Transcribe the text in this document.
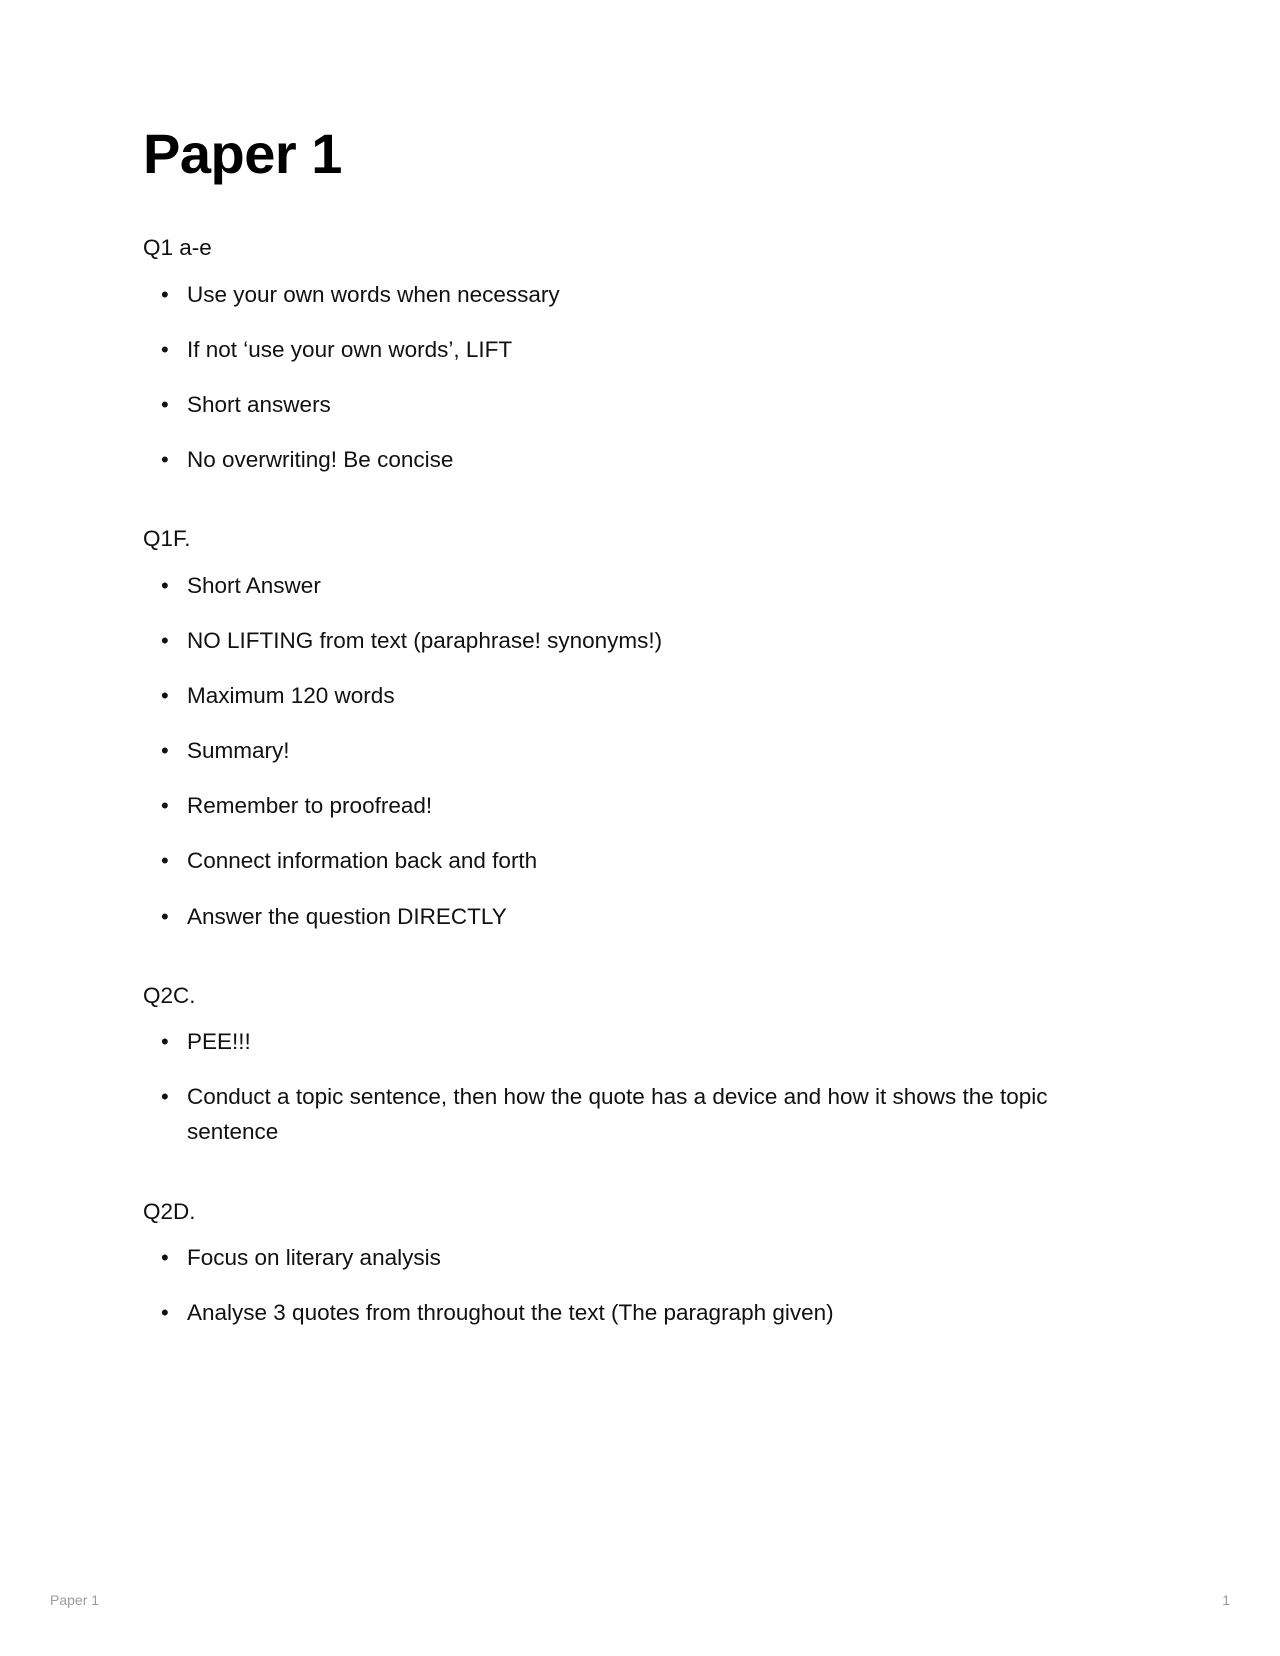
Paper 1
Q1 a-e
• Use your own words when necessary
• If not ‘use your own words’, LIFT
• Short answers
• No overwriting! Be concise
Q1F.
• Short Answer
• NO LIFTING from text (paraphrase! synonyms!)
• Maximum 120 words
• Summary!
• Remember to proofread!
• Connect information back and forth
• Answer the question DIRECTLY
Q2C.
• PEE!!!
• Conduct a topic sentence, then how the quote has a device and how it shows the topic sentence
Q2D.
• Focus on literary analysis
• Analyse 3 quotes from throughout the text (The paragraph given)
Paper 1	1
